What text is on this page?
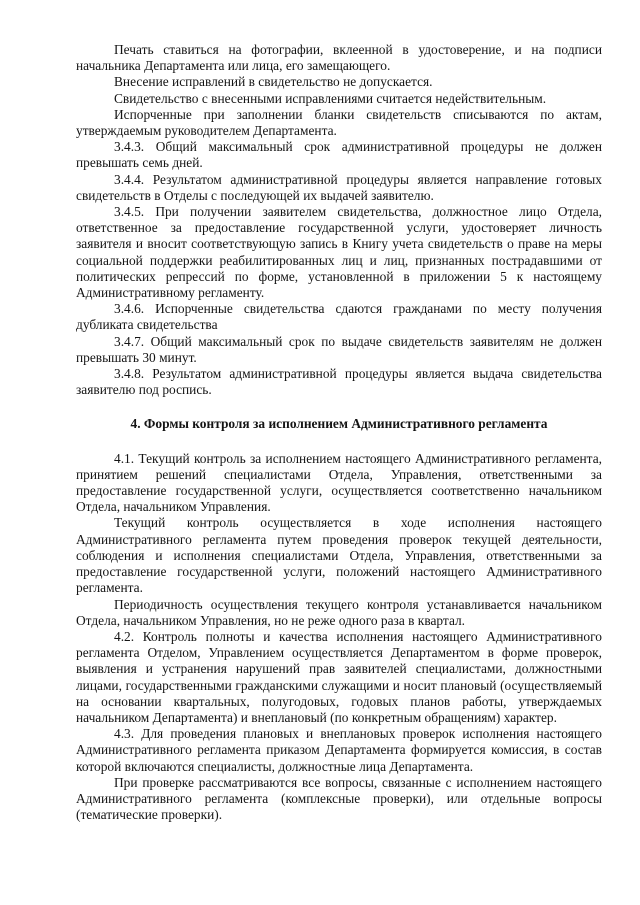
Печать ставиться на фотографии, вклеенной в удостоверение, и на подписи начальника Департамента или лица, его замещающего.

Внесение исправлений в свидетельство не допускается.

Свидетельство с внесенными исправлениями считается недействительным.

Испорченные при заполнении бланки свидетельств списываются по актам, утверждаемым руководителем Департамента.

3.4.3. Общий максимальный срок административной процедуры не должен превышать семь дней.

3.4.4. Результатом административной процедуры является направление готовых свидетельств в Отделы с последующей их выдачей заявителю.

3.4.5. При получении заявителем свидетельства, должностное лицо Отдела, ответственное за предоставление государственной услуги, удостоверяет личность заявителя и вносит соответствующую запись в Книгу учета свидетельств о праве на меры социальной поддержки реабилитированных лиц и лиц, признанных пострадавшими от политических репрессий по форме, установленной в приложении 5 к настоящему Административному регламенту.

3.4.6. Испорченные свидетельства сдаются гражданами по месту получения дубликата свидетельства

3.4.7. Общий максимальный срок по выдаче свидетельств заявителям не должен превышать 30 минут.

3.4.8. Результатом административной процедуры является выдача свидетельства заявителю под роспись.

4. Формы контроля за исполнением Административного регламента

4.1. Текущий контроль за исполнением настоящего Административного регламента, принятием решений специалистами Отдела, Управления, ответственными за предоставление государственной услуги, осуществляется соответственно начальником Отдела, начальником Управления.

Текущий контроль осуществляется в ходе исполнения настоящего Административного регламента путем проведения проверок текущей деятельности, соблюдения и исполнения специалистами Отдела, Управления, ответственными за предоставление государственной услуги, положений настоящего Административного регламента.

Периодичность осуществления текущего контроля устанавливается начальником Отдела, начальником Управления, но не реже одного раза в квартал.

4.2. Контроль полноты и качества исполнения настоящего Административного регламента Отделом, Управлением осуществляется Департаментом в форме проверок, выявления и устранения нарушений прав заявителей специалистами, должностными лицами, государственными гражданскими служащими и носит плановый (осуществляемый на основании квартальных, полугодовых, годовых планов работы, утверждаемых начальником Департамента) и внеплановый (по конкретным обращениям) характер.

4.3. Для проведения плановых и внеплановых проверок исполнения настоящего Административного регламента приказом Департамента формируется комиссия, в состав которой включаются специалисты, должностные лица Департамента.

При проверке рассматриваются все вопросы, связанные с исполнением настоящего Административного регламента (комплексные проверки), или отдельные вопросы (тематические проверки).
